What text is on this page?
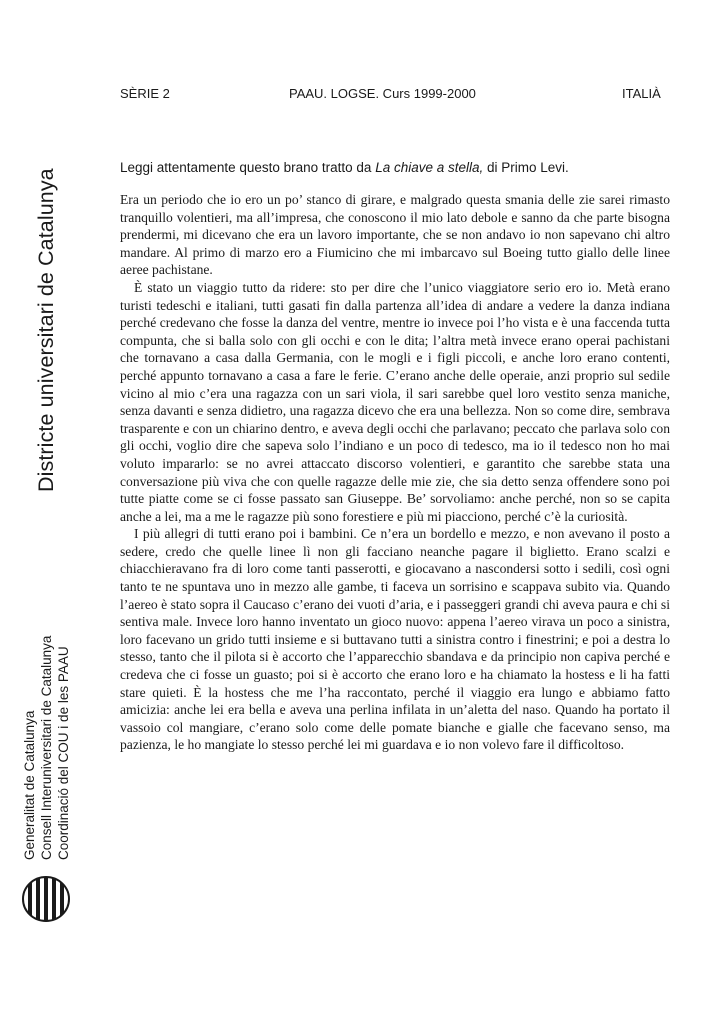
SÈRIE 2	PAAU. LOGSE. Curs 1999-2000	ITALIÀ
Districte universitari de Catalunya
Generalitat de Catalunya Consell Interuniversitari de Catalunya Coordinació del COU i de les PAAU
Leggi attentamente questo brano tratto da La chiave a stella, di Primo Levi.

Era un periodo che io ero un po’ stanco di girare, e malgrado questa smania delle zie sarei rimasto tranquillo volentieri, ma all’impresa, che conoscono il mio lato debole e sanno da che parte bisogna prendermi, mi dicevano che era un lavoro importante, che se non andavo io non sapevano chi altro mandare. Al primo di marzo ero a Fiumicino che mi imbarcavo sul Boeing tutto giallo delle linee aeree pachistane.

È stato un viaggio tutto da ridere: sto per dire che l’unico viaggiatore serio ero io. Metà erano turisti tedeschi e italiani, tutti gasati fin dalla partenza all’idea di andare a vedere la danza indiana perché credevano che fosse la danza del ventre, mentre io invece poi l’ho vista e è una faccenda tutta compunta, che si balla solo con gli occhi e con le dita; l’altra metà invece erano operai pachistani che tornavano a casa dalla Germania, con le mogli e i figli piccoli, e anche loro erano contenti, perché appunto tornavano a casa a fare le ferie. C’erano anche delle operaie, anzi proprio sul sedile vicino al mio c’era una ragazza con un sari viola, il sari sarebbe quel loro vestito senza maniche, senza davanti e senza didietro, una ragazza dicevo che era una bellezza. Non so come dire, sembrava trasparente e con un chiarino dentro, e aveva degli occhi che parlavano; peccato che parlava solo con gli occhi, voglio dire che sapeva solo l’indiano e un poco di tedesco, ma io il tedesco non ho mai voluto impararlo: se no avrei attaccato discorso volentieri, e garantito che sarebbe stata una conversazione più viva che con quelle ragazze delle mie zie, che sia detto senza offendere sono poi tutte piatte come se ci fosse passato san Giuseppe. Be’ sorvoliamo: anche perché, non so se capita anche a lei, ma a me le ragazze più sono forestiere e più mi piacciono, perché c’è la curiosità.

I più allegri di tutti erano poi i bambini. Ce n’era un bordello e mezzo, e non avevano il posto a sedere, credo che quelle linee lì non gli facciano neanche pagare il biglietto. Erano scalzi e chiacchieravano fra di loro come tanti passerotti, e giocavano a nascondersi sotto i sedili, così ogni tanto te ne spuntava uno in mezzo alle gambe, ti faceva un sorrisino e scappava subito via. Quando l’aereo è stato sopra il Caucaso c’erano dei vuoti d’aria, e i passeggeri grandi chi aveva paura e chi si sentiva male. Invece loro hanno inventato un gioco nuovo: appena l’aereo virava un poco a sinistra, loro facevano un grido tutti insieme e si buttavano tutti a sinistra contro i finestrini; e poi a destra lo stesso, tanto che il pilota si è accorto che l’apparecchio sbandava e da principio non capiva perché e credeva che ci fosse un guasto; poi si è accorto che erano loro e ha chiamato la hostess e li ha fatti stare quieti. È la hostess che me l’ha raccontato, perché il viaggio era lungo e abbiamo fatto amicizia: anche lei era bella e aveva una perlina infilata in un’aletta del naso. Quando ha portato il vassoio col mangiare, c’erano solo come delle pomate bianche e gialle che facevano senso, ma pazienza, le ho mangiate lo stesso perché lei mi guardava e io non volevo fare il difficoltoso.
